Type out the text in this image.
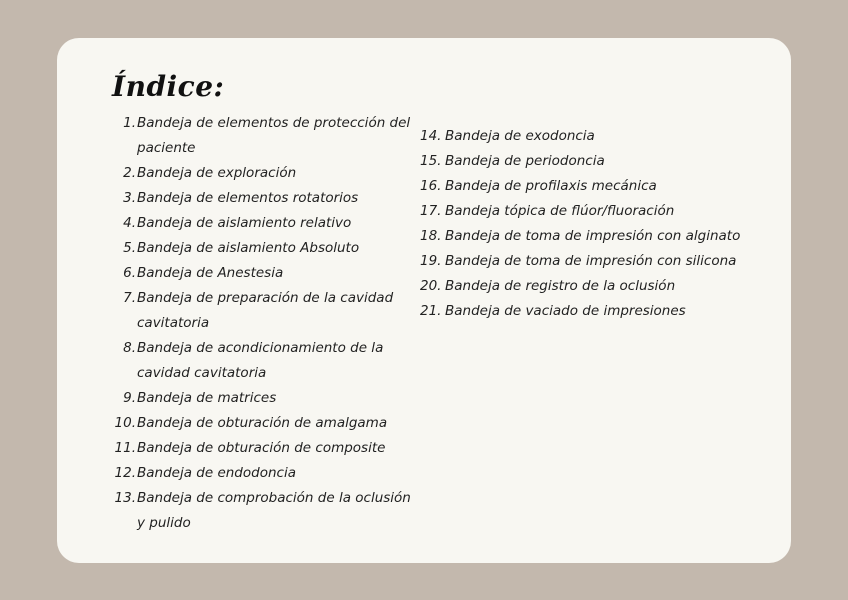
Índice:
1. Bandeja de elementos de protección del paciente
2. Bandeja de exploración
3. Bandeja de elementos rotatorios
4. Bandeja de aislamiento relativo
5. Bandeja de aislamiento Absoluto
6. Bandeja de Anestesia
7. Bandeja de preparación de la cavidad cavitatoria
8. Bandeja de acondicionamiento de la cavidad cavitatoria
9. Bandeja de matrices
10. Bandeja de obturación de amalgama
11. Bandeja de obturación de composite
12. Bandeja de endodoncia
13. Bandeja de comprobación de la oclusión y pulido
14. Bandeja de exodoncia
15. Bandeja de periodoncia
16. Bandeja de profilaxis mecánica
17. Bandeja tópica de flúor/fluoración
18. Bandeja de toma de impresión con alginato
19. Bandeja de toma de impresión con silicona
20. Bandeja de registro de la oclusión
21. Bandeja de vaciado de impresiones
